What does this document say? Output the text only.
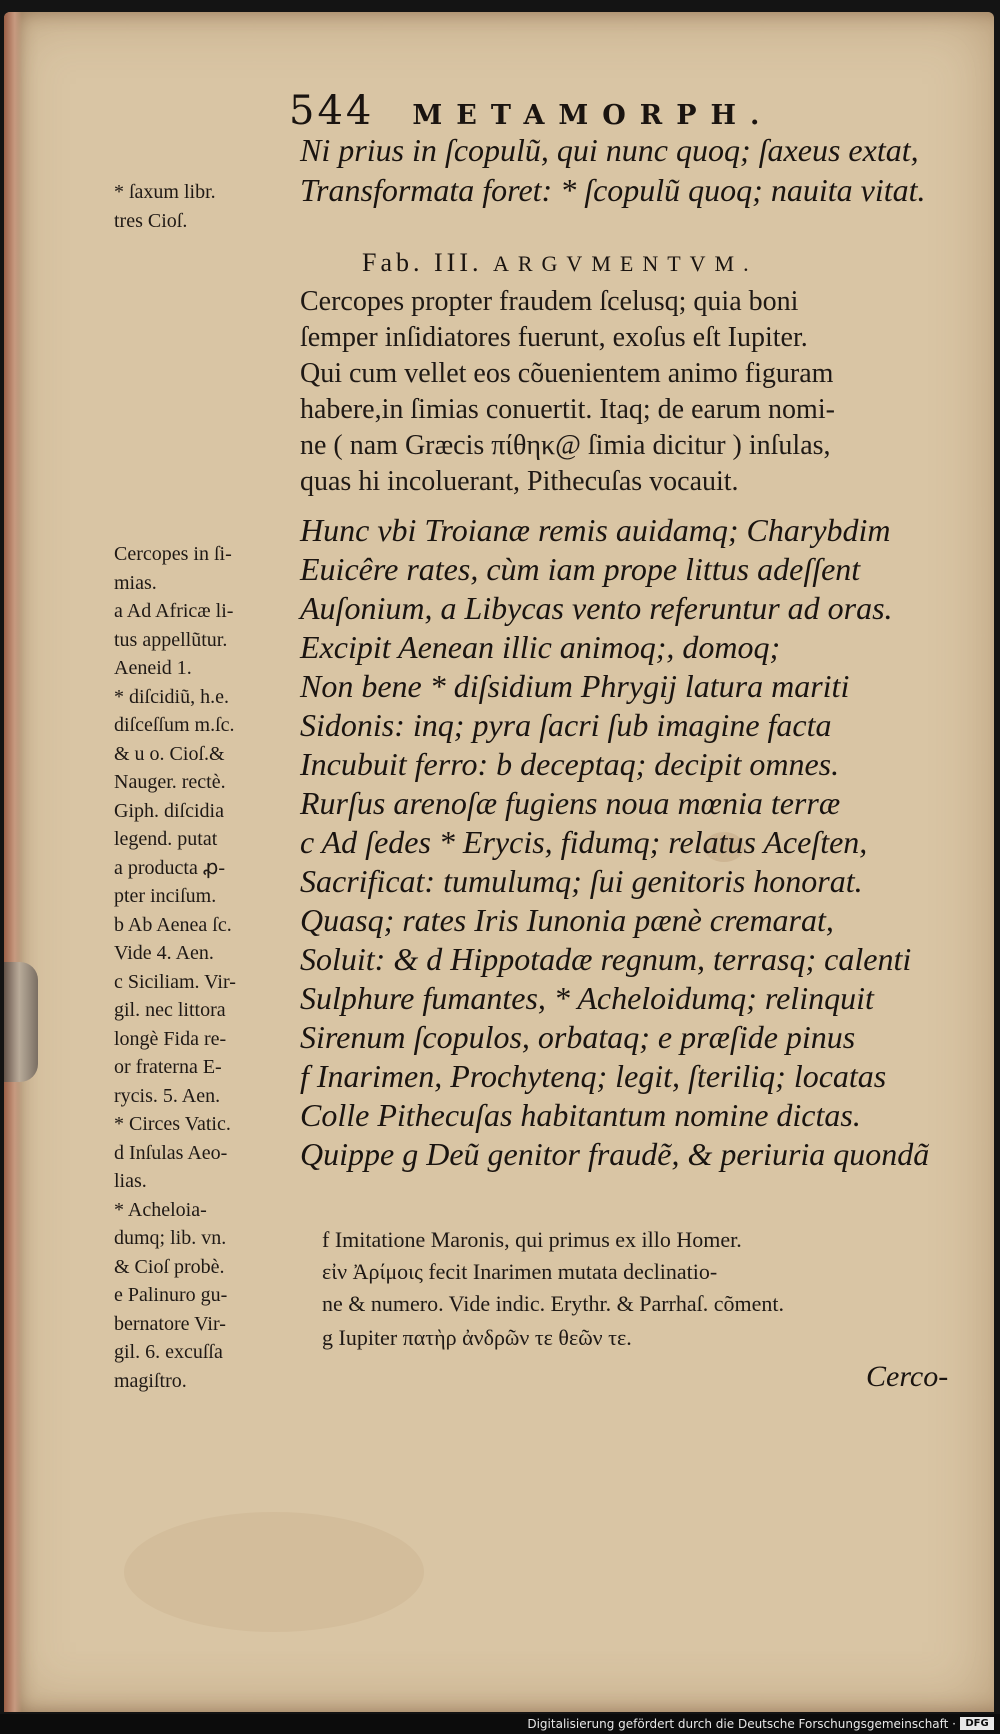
544 METAMORPH.
Ni prius in ſcopulũ, qui nunc quoq; ſaxeus extat,
Transformata foret: * ſcopulũ quoq; nauita vitat.
* ſaxum libr.
tres Cioſ.
Fab. III. ARGVMENTVM.
Cercopes propter fraudem ſcelusq; quia boni
ſemper inſidiatores fuerunt, exoſus eſt Iupiter.
Qui cum vellet eos cõuenientem animo figuram
habere,in ſimias conuertit. Itaq; de earum nomi-
ne ( nam Græcis πίθηκ@ ſimia dicitur ) inſulas,
quas hi incoluerant, Pithecuſas vocauit.
Hunc vbi Troianæ remis auidamq; Charybdim
Euicêre rates, cùm iam prope littus adeſſent
Auſonium, a Libycas vento referuntur ad oras.
Excipit Aenean illic animoq;, domoq;
Non bene * diſsidium Phrygij latura mariti
Sidonis: inq; pyra ſacri ſub imagine facta
Incubuit ferro: b deceptaq; decipit omnes.
Rurſus arenoſæ fugiens noua mœnia terræ
c Ad ſedes * Erycis, fidumq; relatus Aceſten,
Sacrificat: tumulumq; ſui genitoris honorat.
Quasq; rates Iris Iunonia pænè cremarat,
Soluit: & d Hippotadæ regnum, terrasq; calenti
Sulphure fumantes, * Acheloidumq; relinquit
Sirenum ſcopulos, orbataq; e præſide pinus
f Inarimen, Prochytenq; legit, ſteriliq; locatas
Colle Pithecuſas habitantum nomine dictas.
Quippe g Deũ genitor fraudẽ, & periuria quondã
Cercopes in ſi-
mias.
a Ad Africæ li-
tus appellũtur.
Aeneid 1.
* diſcidiũ, h.e.
diſceſſum m.ſc.
& u o. Cioſ.&
Nauger. rectè.
Giph. diſcidia
legend. putat
a producta ꝓ-
pter inciſum.
b Ab Aenea ſc.
Vide 4. Aen.
c Siciliam. Vir-
gil. nec littora
longè Fida re-
or fraterna E-
rycis. 5. Aen.
* Circes Vatic.
d Inſulas Aeo-
lias.
* Acheloia-
dumq; lib. vn.
& Cioſ probè.
e Palinuro gu-
bernatore Vir-
gil. 6. excuſſa
magiſtro.
f Imitatione Maronis, qui primus ex illo Homer.
εἰν Ἀρίμοις fecit Inarimen mutata declinatio-
ne & numero. Vide indic. Erythr. & Parrhaſ. cõment.
g Iupiter πατὴρ ἀνδρῶν τε θεῶν τε.
Cerco-
Digitalisierung gefördert durch die Deutsche Forschungsgemeinschaft · DFG
